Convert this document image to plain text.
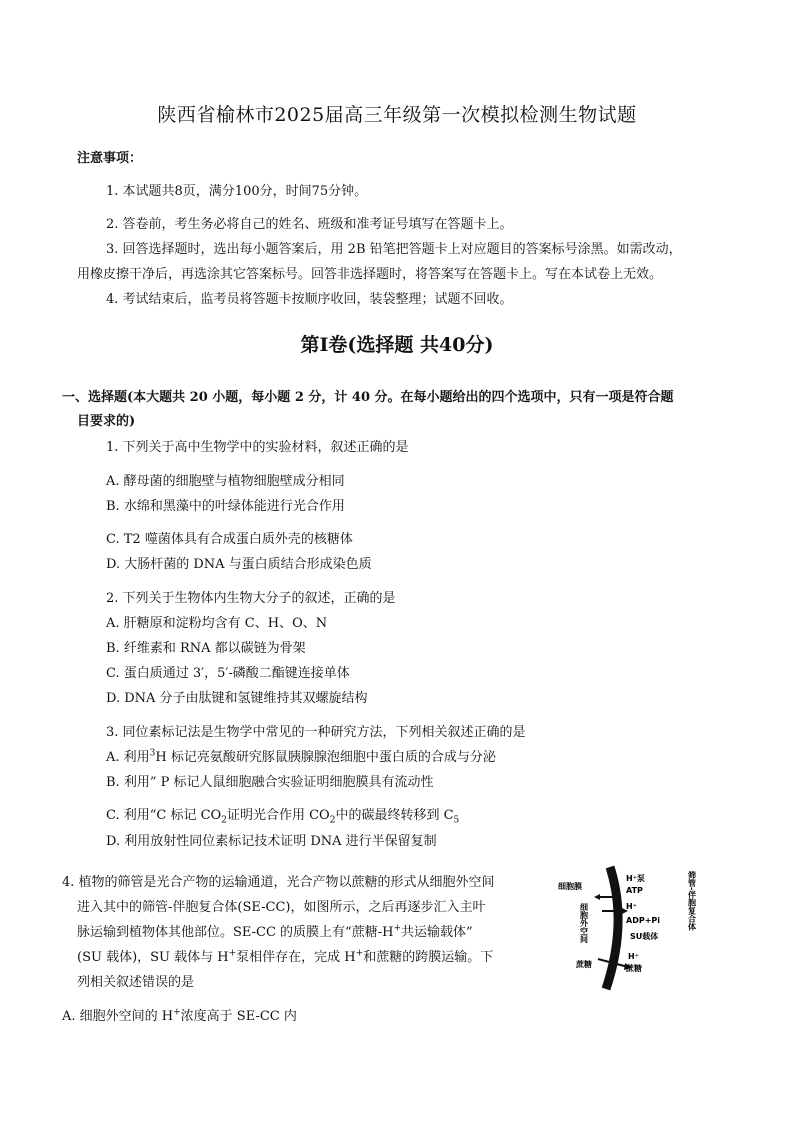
陕西省榆林市2025届高三年级第一次模拟检测生物试题
注意事项：
1. 本试题共8页，满分100分，时间75分钟。
2. 答卷前，考生务必将自己的姓名、班级和准考证号填写在答题卡上。
3. 回答选择题时，选出每小题答案后，用 2B 铅笔把答题卡上对应题目的答案标号涂黑。如需改动，
用橡皮擦干净后，再选涂其它答案标号。回答非选择题时，将答案写在答题卡上。写在本试卷上无效。
4. 考试结束后，监考员将答题卡按顺序收回，装袋整理；试题不回收。
第Ⅰ卷(选择题 共40分)
一、选择题(本大题共 20 小题，每小题 2 分，计 40 分。在每小题给出的四个选项中，只有一项是符合题
目要求的)
1. 下列关于高中生物学中的实验材料，叙述正确的是
A. 酵母菌的细胞壁与植物细胞壁成分相同
B. 水绵和黑藻中的叶绿体能进行光合作用
C. T2 噬菌体具有合成蛋白质外壳的核糖体
D. 大肠杆菌的 DNA 与蛋白质结合形成染色质
2. 下列关于生物体内生物大分子的叙述，正确的是
A. 肝糖原和淀粉均含有 C、H、O、N
B. 纤维素和 RNA 都以碳链为骨架
C. 蛋白质通过 3′，5′-磷酸二酯键连接单体
D. DNA 分子由肽键和氢键维持其双螺旋结构
3. 同位素标记法是生物学中常见的一种研究方法，下列相关叙述正确的是
A. 利用$^3$H 标记亮氨酸研究豚鼠胰腺腺泡细胞中蛋白质的合成与分泌
B. 利用” P 标记人鼠细胞融合实验证明细胞膜具有流动性
C. 利用“C 标记 $CO_2$证明光合作用 $CO_2$中的碳最终转移到 $C_5$
D. 利用放射性同位素标记技术证明 DNA 进行半保留复制
4. 植物的筛管是光合产物的运输通道，光合产物以蔗糖的形式从细胞外空间
进入其中的筛管-伴胞复合体(SE-CC)，如图所示，之后再逐步汇入主叶
脉运输到植物体其他部位。SE-CC 的质膜上有“蔗糖-H+共运输载体”
(SU 载体)，SU 载体与 H+泵相伴存在，完成 H+和蔗糖的跨膜运输。下
列相关叙述错误的是
A. 细胞外空间的 H+浓度高于 SE-CC 内
细胞膜
H⁺泵
ATP
H⁺
ADP+Pi
SU载体
H⁺
蔗糖
蔗糖
细胞外空间	筛管-伴胞复合体
